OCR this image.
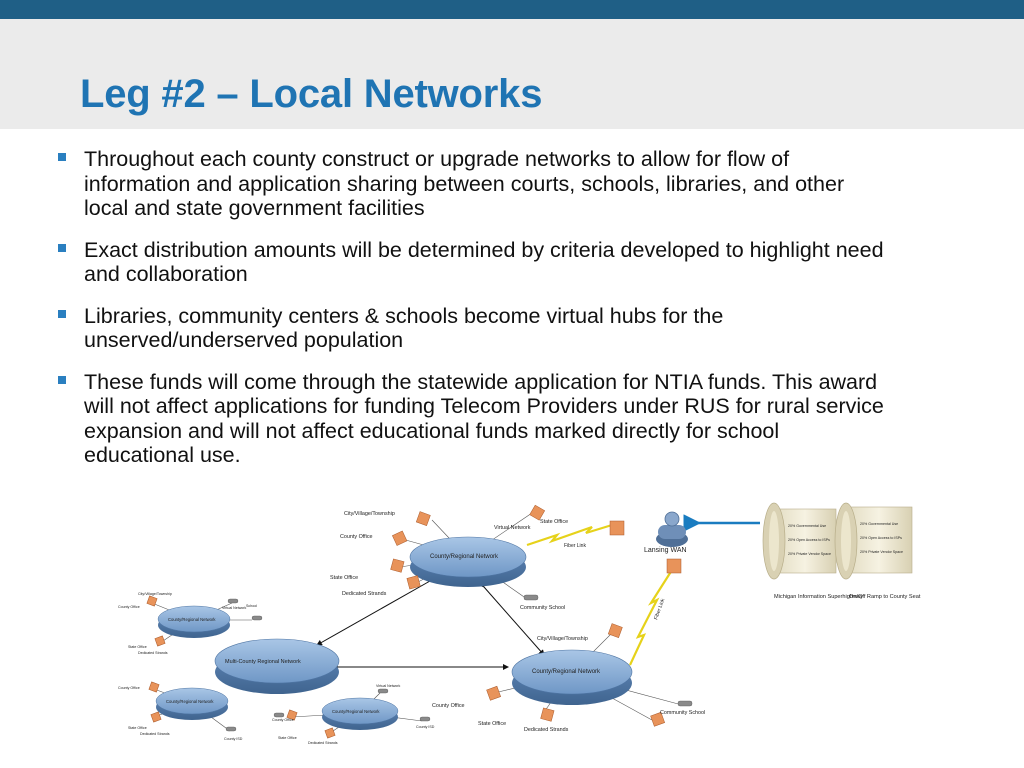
Leg #2 – Local Networks
Throughout each county construct or upgrade networks to allow for flow of information and application sharing between courts, schools, libraries, and other local and state government facilities
Exact distribution amounts will be determined by criteria developed to highlight need and collaboration
Libraries, community centers & schools become virtual hubs for the unserved/underserved population
These funds will come through the statewide application for NTIA funds. This award will not affect applications for funding Telecom Providers under RUS for rural service expansion and will not affect educational funds marked directly for school educational use.
Fiber Link
Fiber Link
Lansing WAN
20% Governmental Use
20% Open Access to ISPs
20% Private Vendor Space
20% Governmental Use
20% Open Access to ISPs
20% Private Vendor Space
Michigan Information Superhighway
On/Off Ramp to County Seat
County/Regional Network
County/Regional Network
Multi-County Regional Network
County/Regional Network
County/Regional Network
County/Regional Network
City/Village/Township
County Office
State Office
Dedicated Strands
Virtual Network
State Office
Community School
City/Village/Township
County Office
State Office
Dedicated Strands
Community School
City/Village/Township
County Office	Virtual Network School
State Office
Dedicated Strands
County Office
State Office
Dedicated Strands
County ISD
Virtual Network
County Office
State Office
Dedicated Strands
County ISD
